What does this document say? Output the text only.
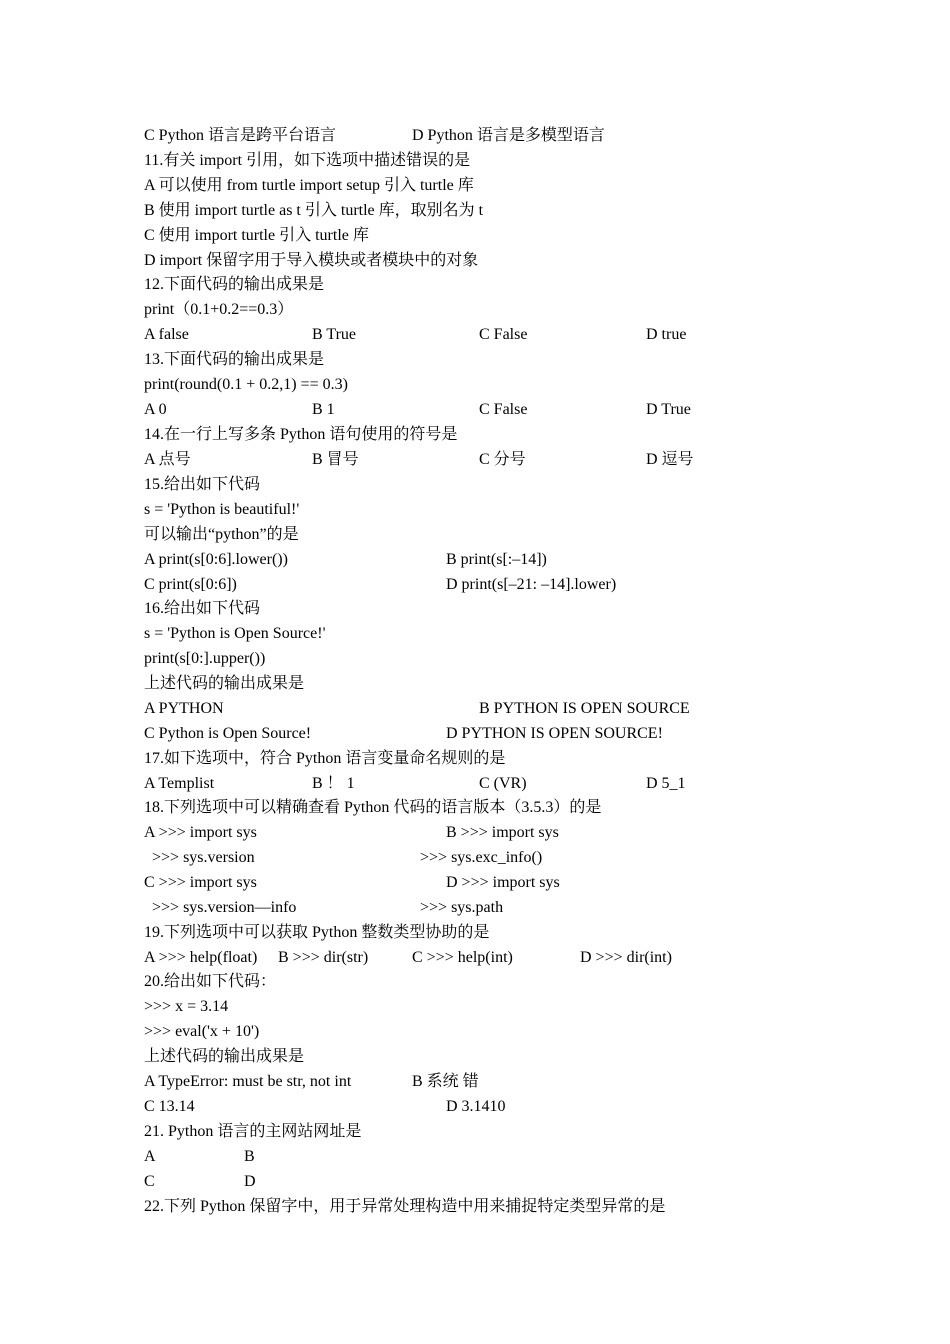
C Python 语言是跨平台语言	D Python 语言是多模型语言
11.有关 import 引用，如下选项中描述错误的是
A 可以使用 from turtle import setup 引入 turtle 库
B 使用 import turtle as t 引入 turtle 库，取别名为 t
C 使用 import turtle 引入 turtle 库
D import 保留字用于导入模块或者模块中的对象
12.下面代码的输出成果是
print（0.1+0.2==0.3）
A false	B True	C False	D true
13.下面代码的输出成果是
print(round(0.1 + 0.2,1) == 0.3)
A 0	B 1	C False	D True
14.在一行上写多条 Python 语句使用的符号是
A 点号	B 冒号	C 分号	D 逗号
15.给出如下代码
s = 'Python is beautiful!'
可以输出“python”的是
A print(s[0:6].lower())	B print(s[:–14])
C print(s[0:6])	D print(s[–21: –14].lower)
16.给出如下代码
s = 'Python is Open Source!'
print(s[0:].upper())
上述代码的输出成果是
A PYTHON	B PYTHON IS OPEN SOURCE
C Python is Open Source!	D PYTHON IS OPEN SOURCE!
17.如下选项中，符合 Python 语言变量命名规则的是
A Templist	B ！ 1	C (VR)	D 5_1
18.下列选项中可以精确查看 Python 代码的语言版本（3.5.3）的是
A >>> import sys	B >>> import sys
>>> sys.version	>>> sys.exc_info()
C >>> import sys	D >>> import sys
>>> sys.version—info	>>> sys.path
19.下列选项中可以获取 Python 整数类型协助的是
A >>> help(float) B >>> dir(str)	C >>> help(int)	D >>> dir(int)
20.给出如下代码：
>>> x = 3.14
>>> eval('x + 10')
上述代码的输出成果是
A TypeError: must be str, not int	B 系统 错
C 13.14	D 3.1410
21. Python 语言的主网站网址是
A	B
C	D
22.下列 Python 保留字中，用于异常处理构造中用来捕捉特定类型异常的是
